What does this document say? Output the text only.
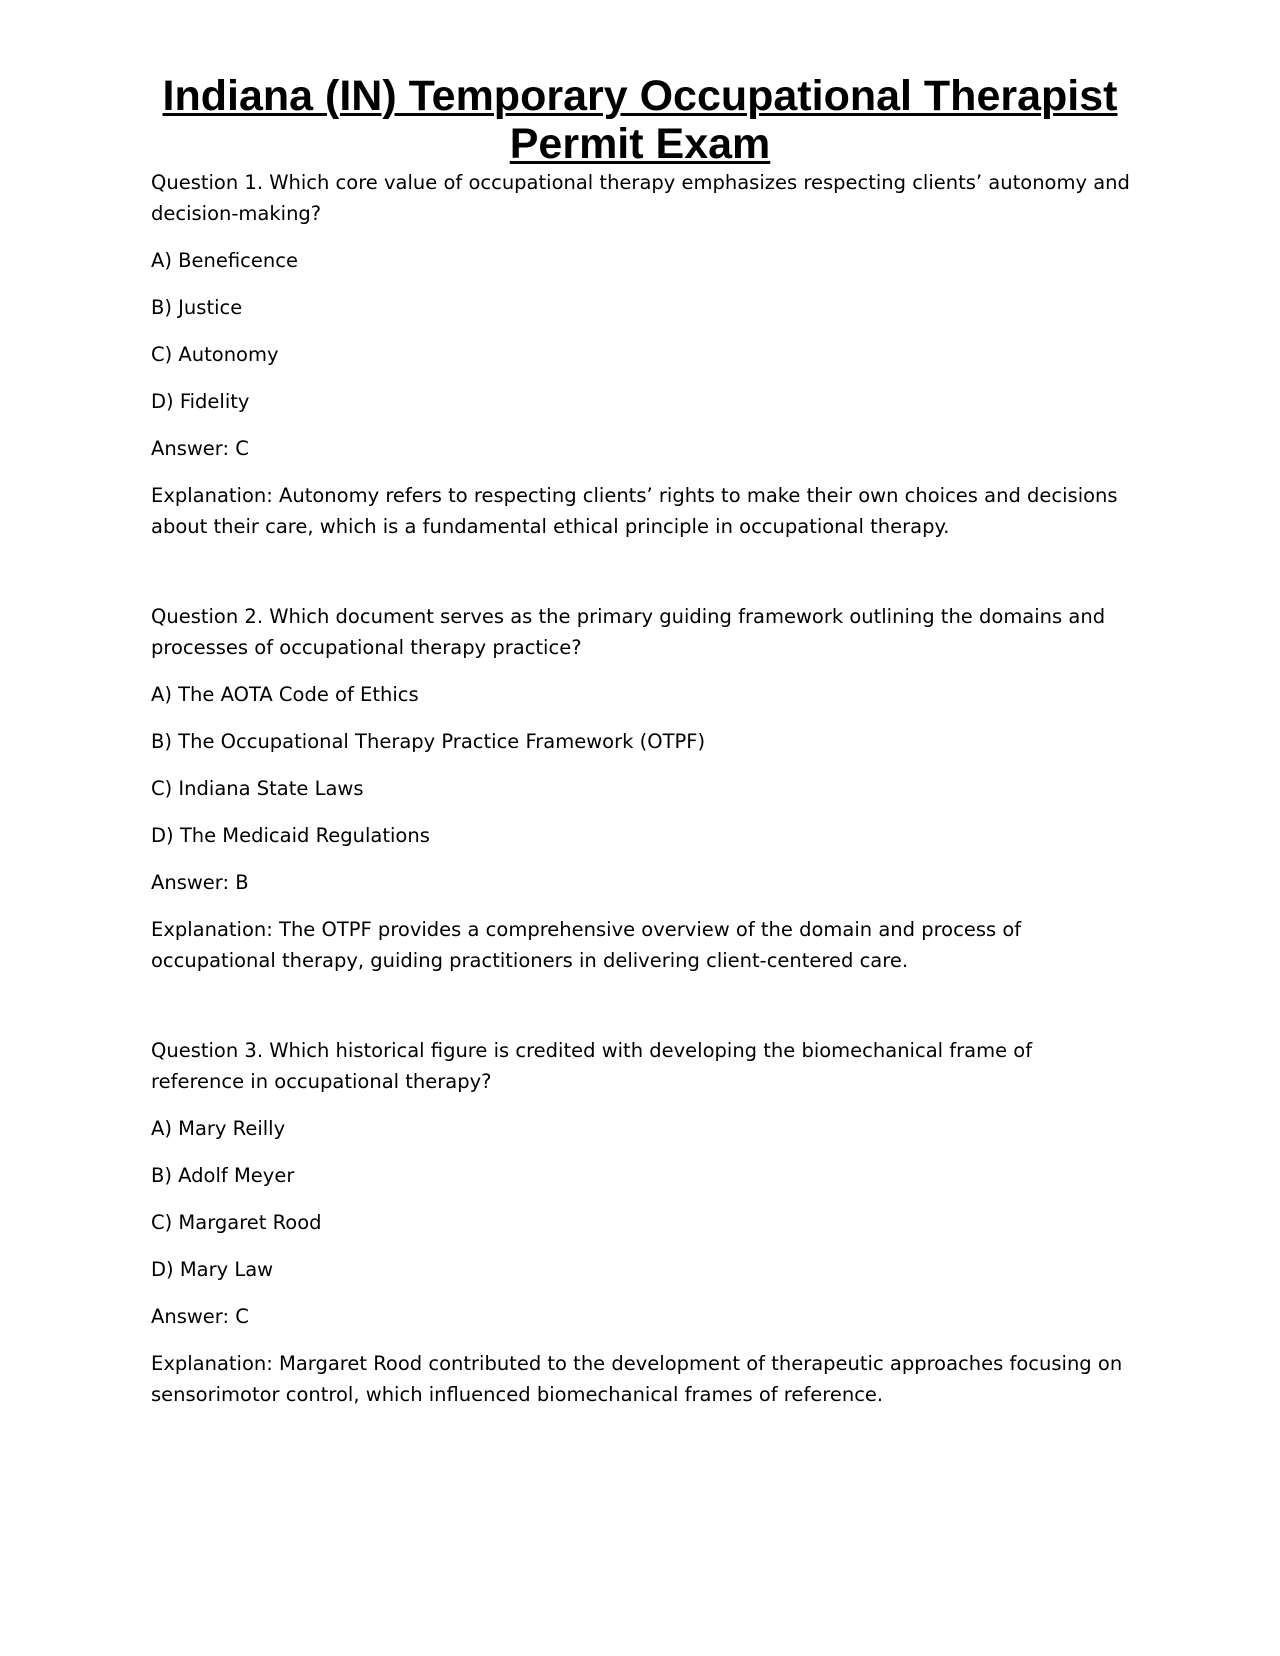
Indiana (IN) Temporary Occupational Therapist Permit Exam

Question 1. Which core value of occupational therapy emphasizes respecting clients’ autonomy and decision-making?

A) Beneficence

B) Justice

C) Autonomy

D) Fidelity

Answer: C

Explanation: Autonomy refers to respecting clients’ rights to make their own choices and decisions about their care, which is a fundamental ethical principle in occupational therapy.

Question 2. Which document serves as the primary guiding framework outlining the domains and processes of occupational therapy practice?

A) The AOTA Code of Ethics

B) The Occupational Therapy Practice Framework (OTPF)

C) Indiana State Laws

D) The Medicaid Regulations

Answer: B

Explanation: The OTPF provides a comprehensive overview of the domain and process of occupational therapy, guiding practitioners in delivering client-centered care.

Question 3. Which historical figure is credited with developing the biomechanical frame of reference in occupational therapy?

A) Mary Reilly

B) Adolf Meyer

C) Margaret Rood

D) Mary Law

Answer: C

Explanation: Margaret Rood contributed to the development of therapeutic approaches focusing on sensorimotor control, which influenced biomechanical frames of reference.
